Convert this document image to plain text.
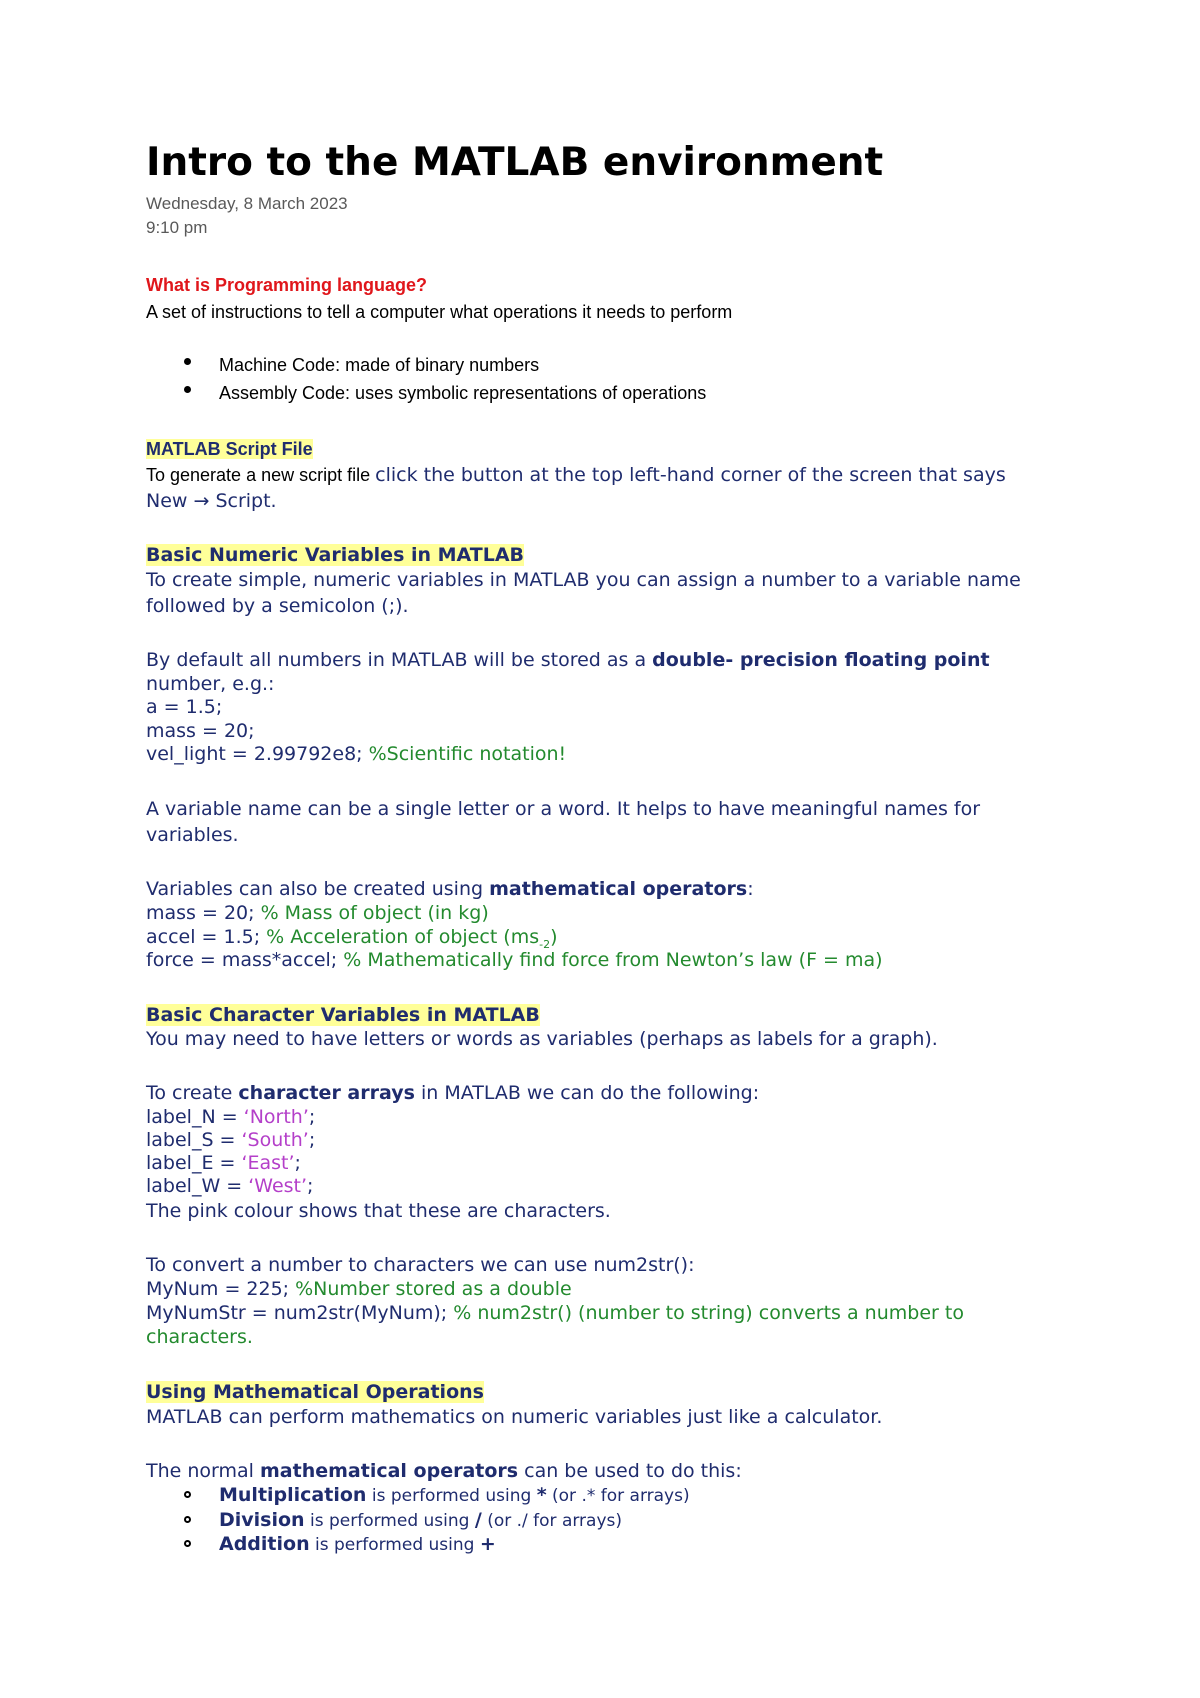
Intro to the MATLAB environment
Wednesday, 8 March 2023
9:10 pm
What is Programming language?
A set of instructions to tell a computer what operations it needs to perform
Machine Code: made of binary numbers
Assembly Code: uses symbolic representations of operations
MATLAB Script File
To generate a new script file click the button at the top left-hand corner of the screen that says
New → Script.
Basic Numeric Variables in MATLAB
To create simple, numeric variables in MATLAB you can assign a number to a variable name
followed by a semicolon (;).
By default all numbers in MATLAB will be stored as a double- precision floating point
number, e.g.:
a = 1.5;
mass = 20;
vel_light = 2.99792e8; %Scientific notation!
A variable name can be a single letter or a word. It helps to have meaningful names for
variables.
Variables can also be created using mathematical operators:
mass = 20; % Mass of object (in kg)
accel = 1.5; % Acceleration of object $(ms_{-2})$
force = mass*accel; % Mathematically find force from Newton’s law (F = ma)
Basic Character Variables in MATLAB
You may need to have letters or words as variables (perhaps as labels for a graph).
To create character arrays in MATLAB we can do the following:
label_N = ‘North’;
label_S = ‘South’;
label_E = ‘East’;
label_W = ‘West’;
The pink colour shows that these are characters.
To convert a number to characters we can use num2str():
MyNum = 225; %Number stored as a double
MyNumStr = num2str(MyNum); % num2str() (number to string) converts a number to
characters.
Using Mathematical Operations
MATLAB can perform mathematics on numeric variables just like a calculator.
The normal mathematical operators can be used to do this:
Multiplication is performed using * (or .* for arrays)
Division is performed using / (or ./ for arrays)
Addition is performed using +
